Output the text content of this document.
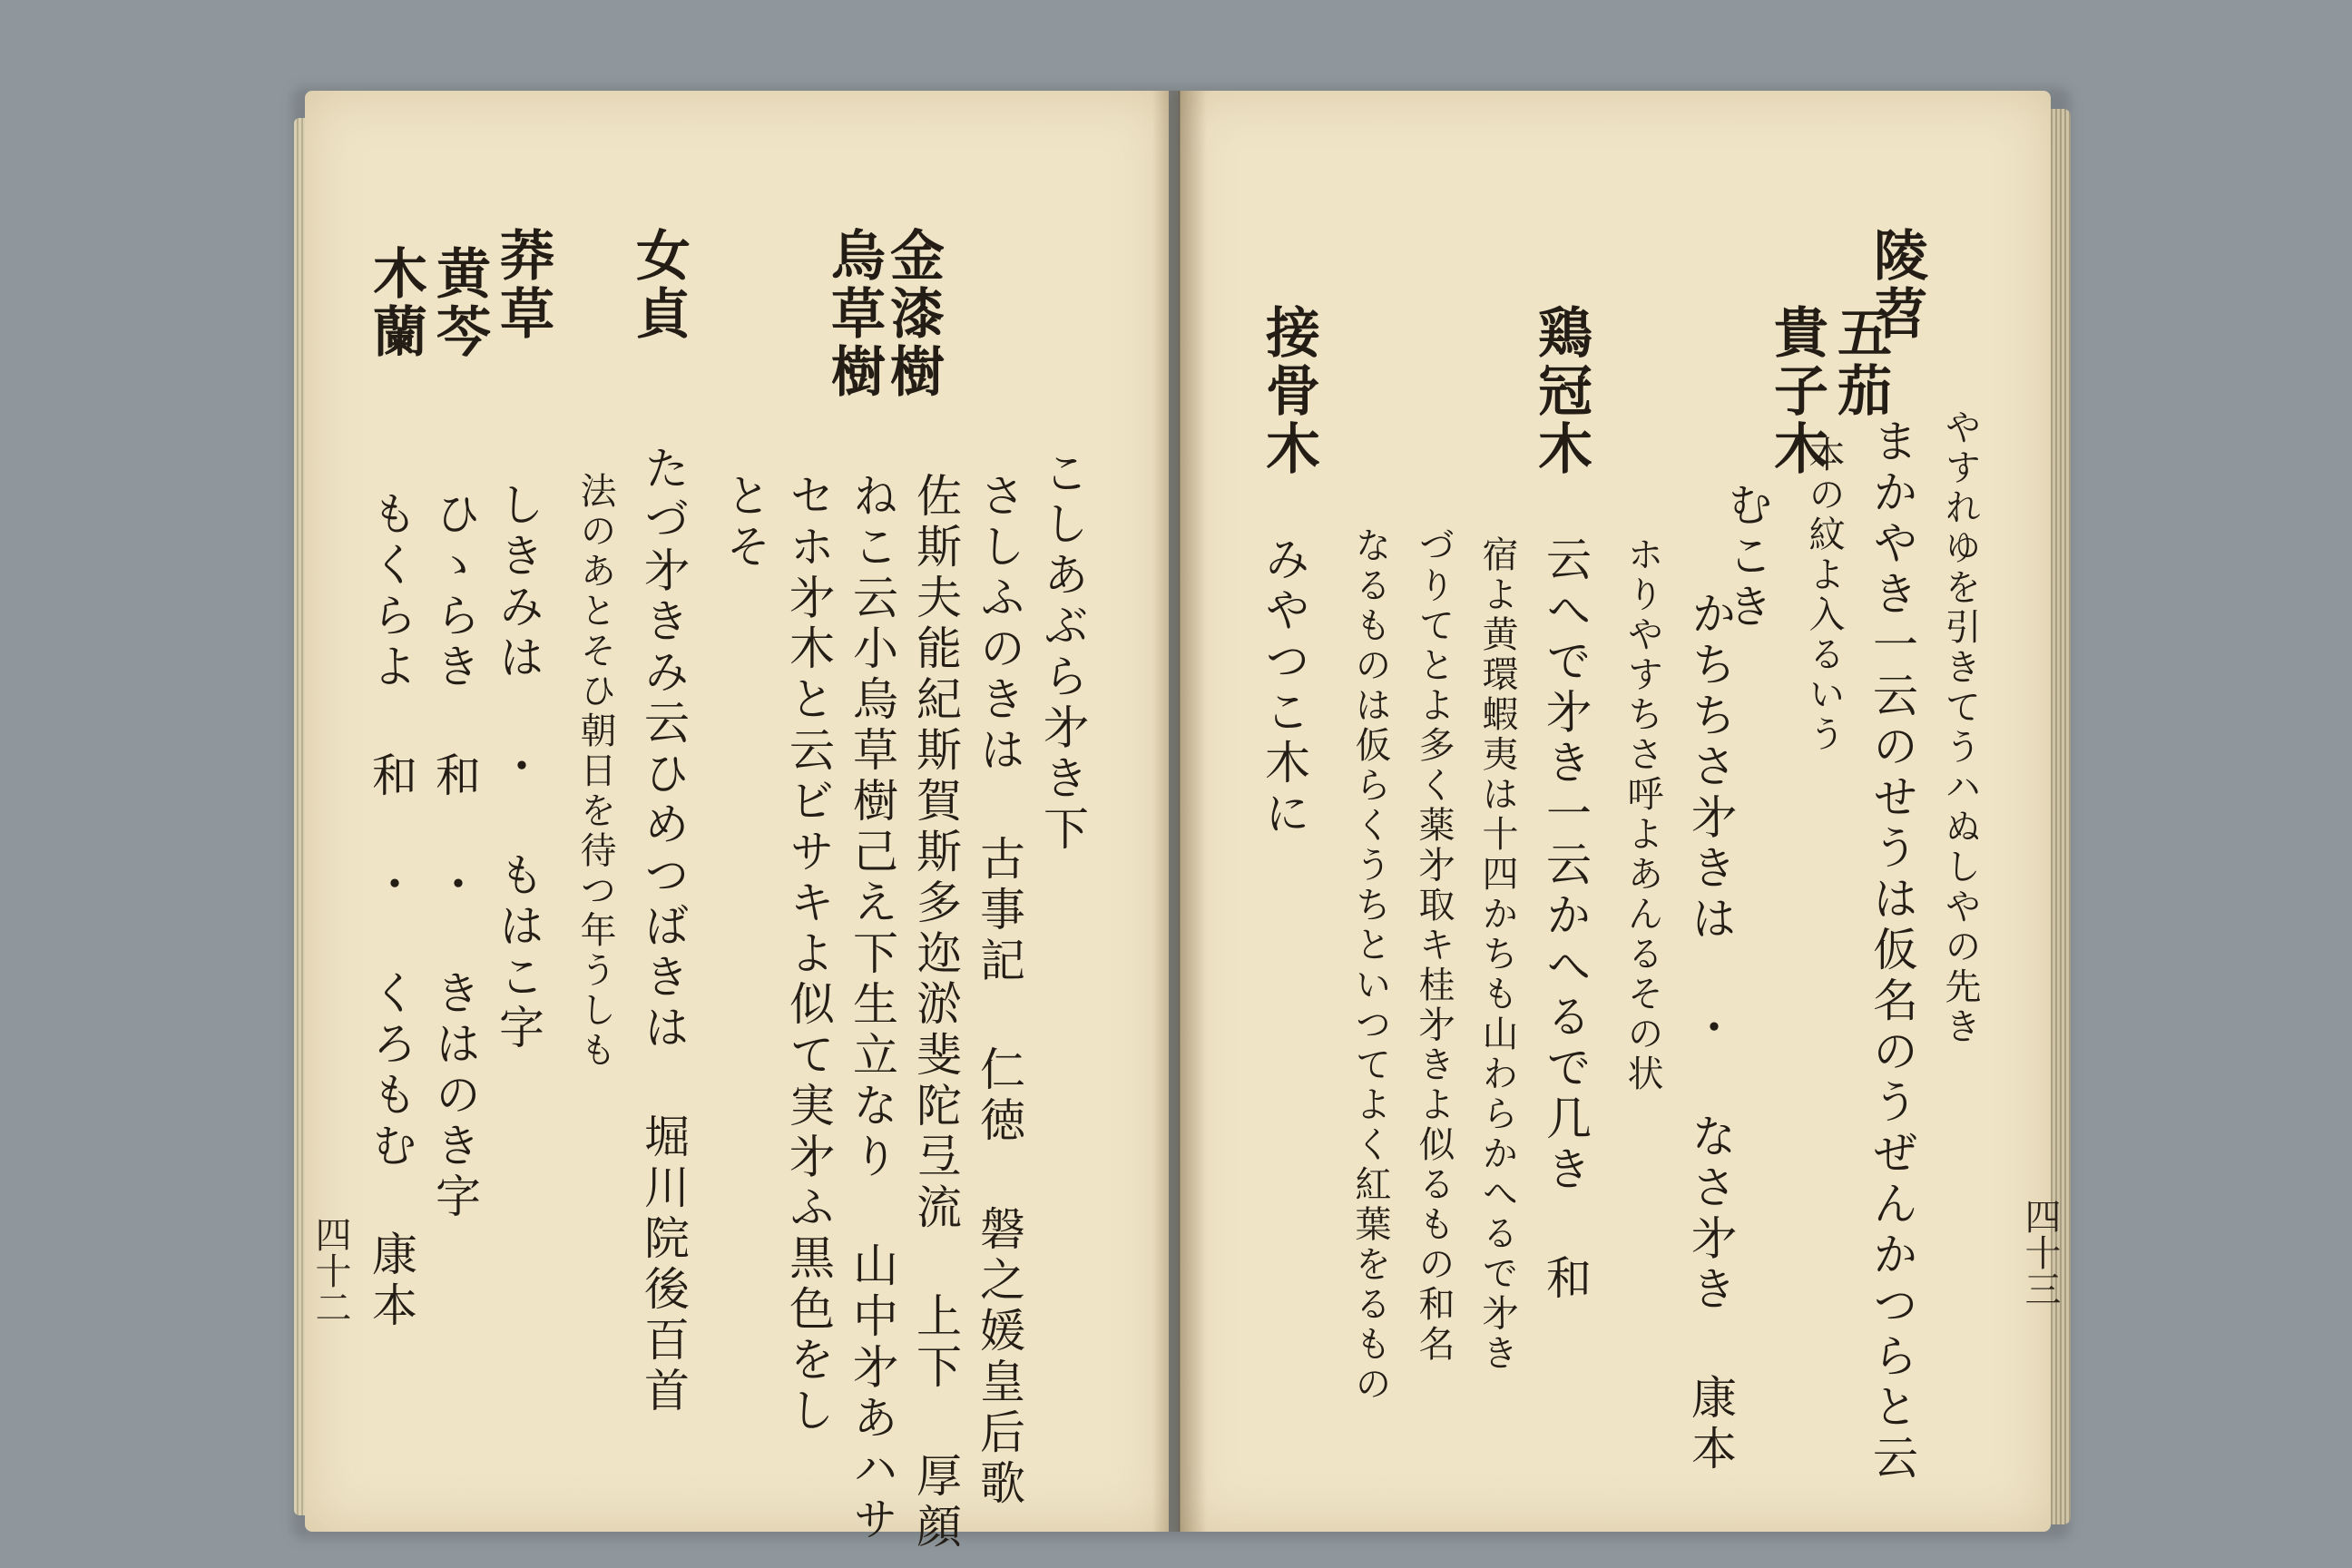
金漆樹
烏草樹
女貞
莽草
黄芩
木蘭
こしあぶら㐧き下
さしふのきは 古事記 仁徳 磐之媛皇后歌
佐斯夫能紀斯賀斯多迩淤斐陀弖流 上下 厚顔
ねこ云小烏草樹己え下生立なり 山中㐧あハサ
セホ㐧木と云ビサキよ似て実㐧ふ黒色をし
とそ
たづ㐧きみ云ひめつばきは 堀川院後百首
法のあとそひ朝日を待つ年うしも
しきみは ・ もはこ字
ひゝらき 和 ・ きはのき字
もくらよ 和 ・ くろもむ 康本
四十二
陵苕
五茄
貴子木
鶏冠木
接骨木
やすれゆを引きてうハぬしやの先き
まかやき一云のせうは仮名のうぜんかつらと云
本の紋よ入るいう
むこき
かちちさ㐧きは ・ なさ㐧き 康本
ホりやすちさ呼よあんるその状
云へで㐧き一云かへるで几き 和
宿よ黄環蝦夷は十四かちも山わらかへるで㐧き
づりてとよ多く薬㐧取キ桂㐧きよ似るもの和名
なるものは仮らくうちといつてよく紅葉をるもの
みやつこ木に
四十三
